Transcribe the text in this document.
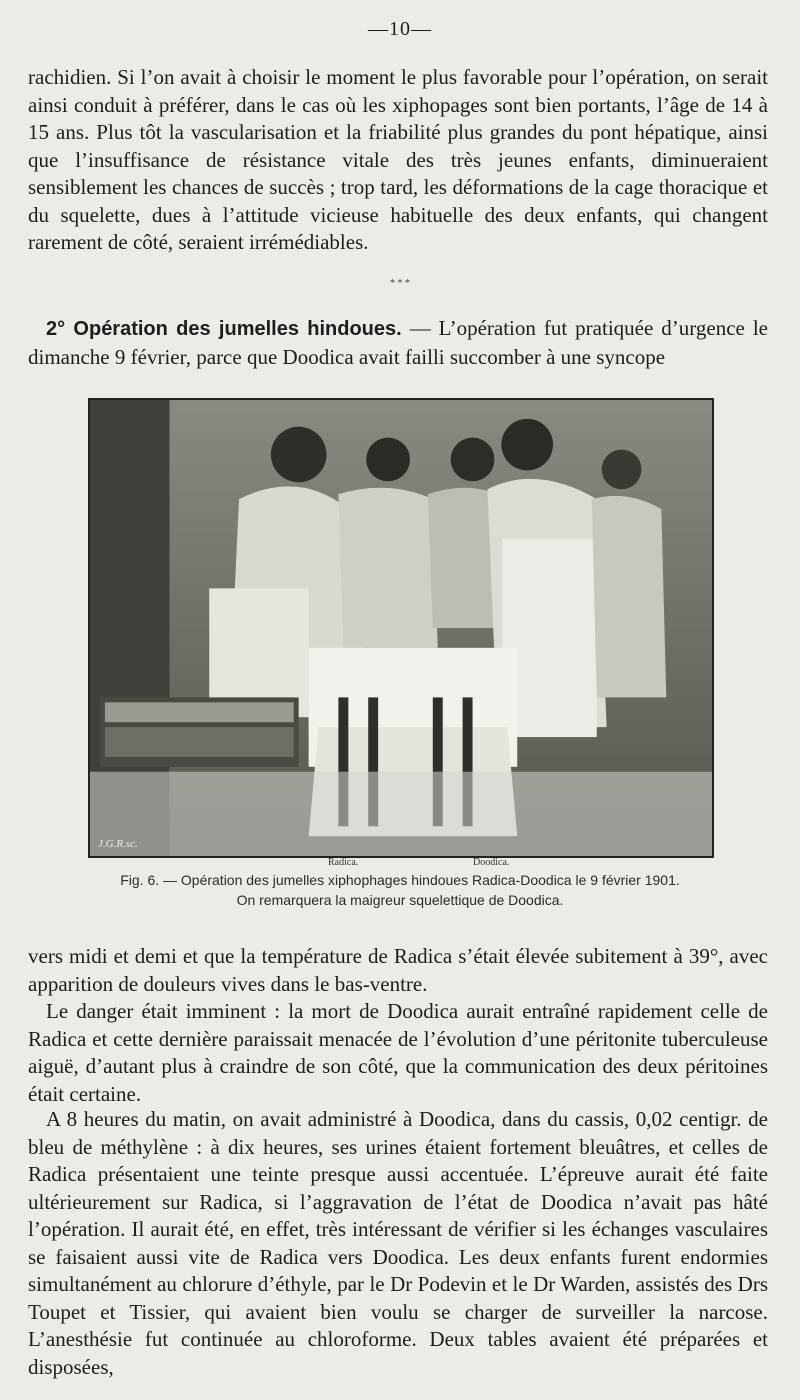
—10—

rachidien. Si l’on avait à choisir le moment le plus favorable pour l’opération, on serait ainsi conduit à préférer, dans le cas où les xiphopages sont bien portants, l’âge de 14 à 15 ans. Plus tôt la vascularisation et la friabilité plus grandes du pont hépatique, ainsi que l’insuffisance de résistance vitale des très jeunes enfants, diminueraient sensiblement les chances de succès ; trop tard, les déformations de la cage thoracique et du squelette, dues à l’attitude vicieuse habituelle des deux enfants, qui changent rarement de côté, seraient irrémédiables.

* * *

2° Opération des jumelles hindoues. — L’opération fut pratiquée d’urgence le dimanche 9 février, parce que Doodica avait failli succomber à une syncope

J.G.R.sc.
Radica.	Doodica.
Fig. 6. — Opération des jumelles xiphophages hindoues Radica-Doodica le 9 février 1901.
On remarquera la maigreur squelettique de Doodica.

vers midi et demi et que la température de Radica s’était élevée subitement à 39°, avec apparition de douleurs vives dans le bas-ventre.

Le danger était imminent : la mort de Doodica aurait entraîné rapidement celle de Radica et cette dernière paraissait menacée de l’évolution d’une péritonite tuberculeuse aiguë, d’autant plus à craindre de son côté, que la communication des deux péritoines était certaine.

A 8 heures du matin, on avait administré à Doodica, dans du cassis, 0,02 centigr. de bleu de méthylène : à dix heures, ses urines étaient fortement bleuâtres, et celles de Radica présentaient une teinte presque aussi accentuée. L’épreuve aurait été faite ultérieurement sur Radica, si l’aggravation de l’état de Doodica n’avait pas hâté l’opération. Il aurait été, en effet, très intéressant de vérifier si les échanges vasculaires se faisaient aussi vite de Radica vers Doodica. Les deux enfants furent endormies simultanément au chlorure d’éthyle, par le Dr Podevin et le Dr Warden, assistés des Drs Toupet et Tissier, qui avaient bien voulu se charger de surveiller la narcose. L’anesthésie fut continuée au chloroforme. Deux tables avaient été préparées et disposées,
